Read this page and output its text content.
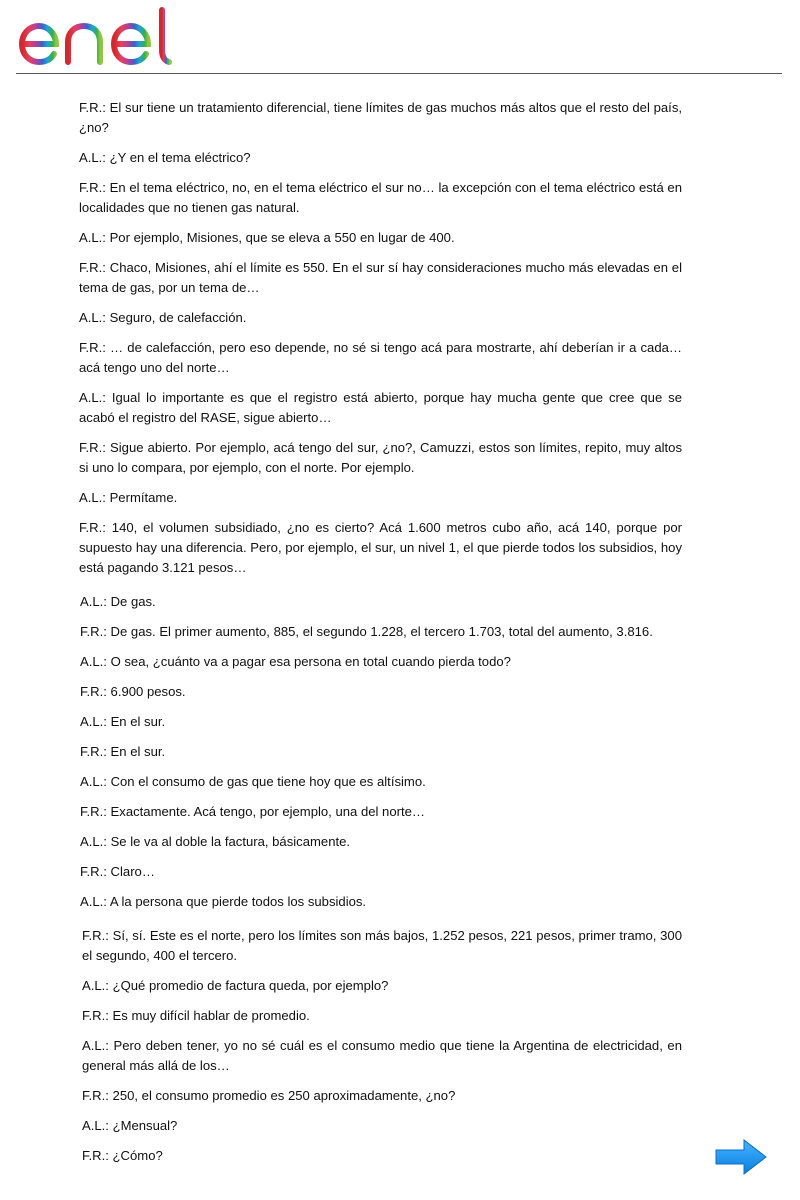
F.R.: El sur tiene un tratamiento diferencial, tiene límites de gas muchos más altos que el resto del país, ¿no?

A.L.: ¿Y en el tema eléctrico?

F.R.: En el tema eléctrico, no, en el tema eléctrico el sur no… la excepción con el tema eléctrico está en localidades que no tienen gas natural.

A.L.: Por ejemplo, Misiones, que se eleva a 550 en lugar de 400.

F.R.: Chaco, Misiones, ahí el límite es 550. En el sur sí hay consideraciones mucho más elevadas en el tema de gas, por un tema de…

A.L.: Seguro, de calefacción.

F.R.: … de calefacción, pero eso depende, no sé si tengo acá para mostrarte, ahí deberían ir a cada… acá tengo uno del norte…

A.L.: Igual lo importante es que el registro está abierto, porque hay mucha gente que cree que se acabó el registro del RASE, sigue abierto…

F.R.: Sigue abierto. Por ejemplo, acá tengo del sur, ¿no?, Camuzzi, estos son límites, repito, muy altos si uno lo compara, por ejemplo, con el norte. Por ejemplo.

A.L.: Permítame.

F.R.: 140, el volumen subsidiado, ¿no es cierto? Acá 1.600 metros cubo año, acá 140, porque por supuesto hay una diferencia. Pero, por ejemplo, el sur, un nivel 1, el que pierde todos los subsidios, hoy está pagando 3.121 pesos…

A.L.: De gas.

F.R.: De gas. El primer aumento, 885, el segundo 1.228, el tercero 1.703, total del aumento, 3.816.

A.L.: O sea, ¿cuánto va a pagar esa persona en total cuando pierda todo?

F.R.: 6.900 pesos.

A.L.: En el sur.

F.R.: En el sur.

A.L.: Con el consumo de gas que tiene hoy que es altísimo.

F.R.: Exactamente. Acá tengo, por ejemplo, una del norte…

A.L.: Se le va al doble la factura, básicamente.

F.R.: Claro…

A.L.: A la persona que pierde todos los subsidios.

F.R.: Sí, sí. Este es el norte, pero los límites son más bajos, 1.252 pesos, 221 pesos, primer tramo, 300 el segundo, 400 el tercero.

A.L.: ¿Qué promedio de factura queda, por ejemplo?

F.R.: Es muy difícil hablar de promedio.

A.L.: Pero deben tener, yo no sé cuál es el consumo medio que tiene la Argentina de electricidad, en general más allá de los…

F.R.: 250, el consumo promedio es 250 aproximadamente, ¿no?

A.L.: ¿Mensual?

F.R.: ¿Cómo?
